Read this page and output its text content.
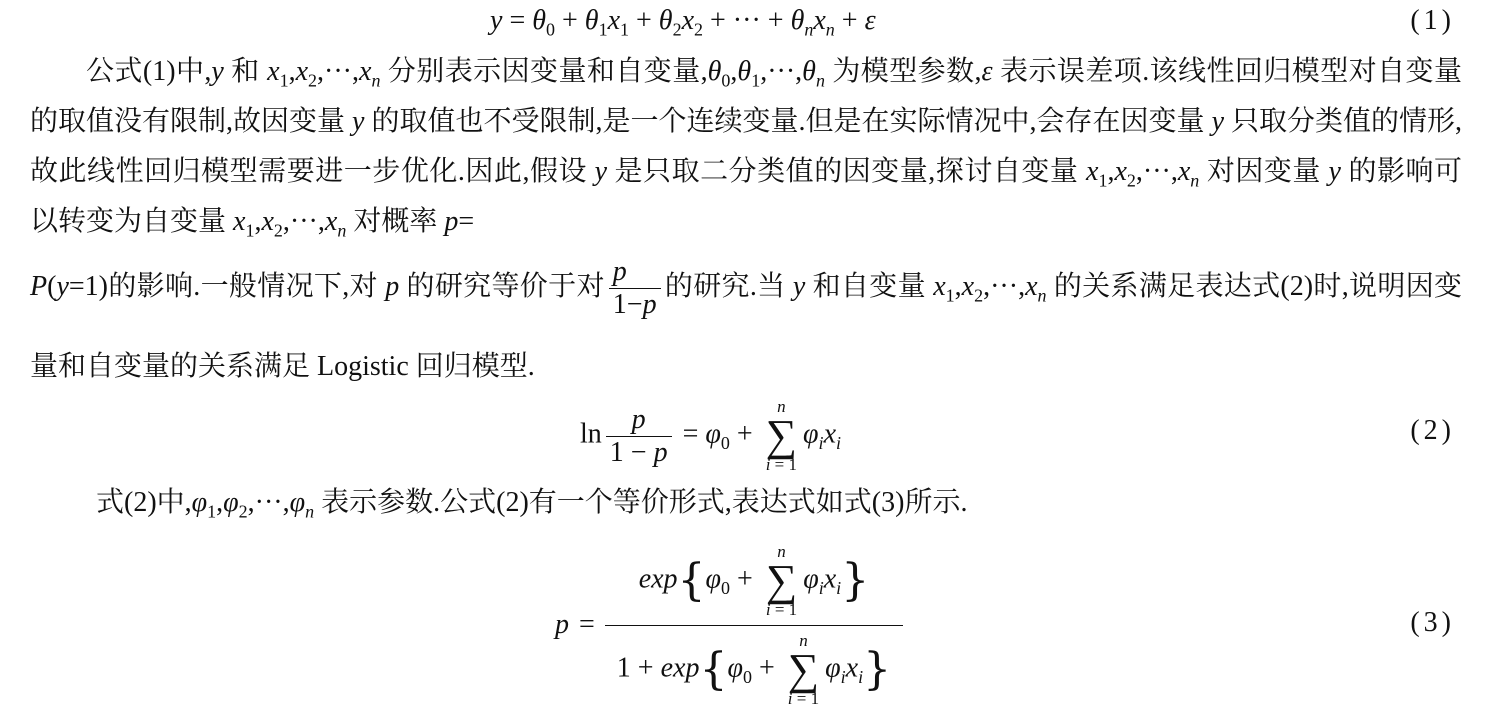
$y = \theta_0 + \theta_1x_1 + \theta_2x_2$ + ··· + $\theta_nx_n + \varepsilon$	(1)
公式(1)中,y 和 $x_1,x_2,\cdot\cdot\cdot,x_n$ 分别表示因变量和自变量$,\theta_0,\theta_1,\cdot\cdot\cdot,\theta_n$ 为模型参数,ε 表示误差项.该线性回归模型对自变量的取值没有限制,故因变量 y 的取值也不受限制,是一个连续变量.但是在实际情况中,会存在因变量 y 只取分类值的情形,故此线性回归模型需要进一步优化.因此,假设 y 是只取二分类值的因变量,探讨自变量 $x_1,x_2,\cdot\cdot\cdot,x_n$ 对因变量 y 的影响可以转变为自变量 $x_1,x_2,\cdot\cdot\cdot,x_n$ 对概率 p=
P(y=1)的影响.一般情况下,对 p 的研究等价于对 $\frac{p}{1-p}$ 的研究.当 y 和自变量 $x_1,x_2,\cdot\cdot\cdot,x_n$ 的关系满足表达式(2)时,说明因变量和自变量的关系满足 Logistic 回归模型.
$\ln \frac{p}{1 - p} = \varphi_0$ +
n
∑
i = 1
$\varphi_ix_i$	(2)
式(2)中$,\varphi_1,\varphi_2,\cdot\cdot\cdot,\varphi_n$ 表示参数.公式(2)有一个等价形式,表达式如式(3)所示.
$p = \exp\{\varphi_0$ +
n
∑
i = 1
$\varphi_ix_i$}
$1 + \exp\{\varphi_0$ +
n
∑
i = 1
$\varphi_ix_i$}	(3)
